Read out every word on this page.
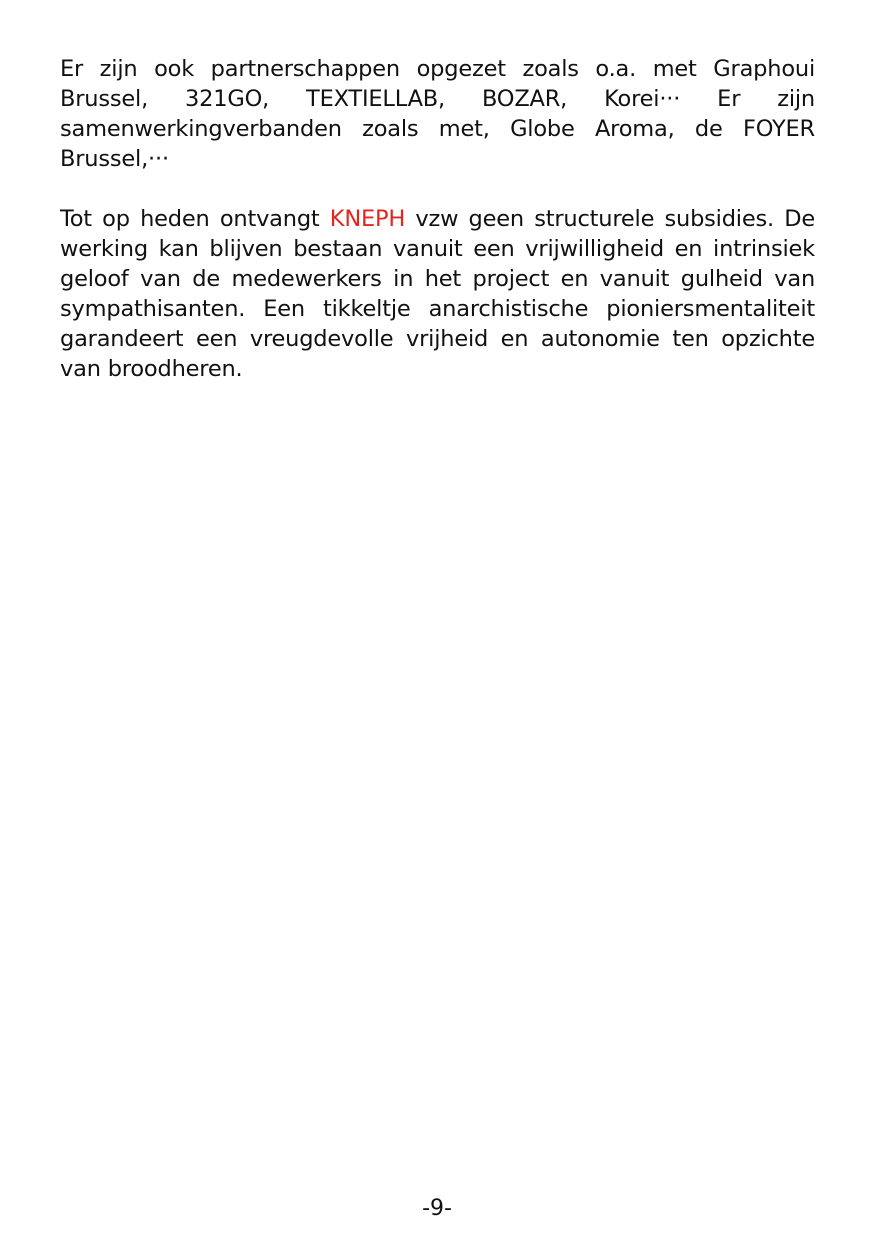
Er zijn ook partnerschappen opgezet zoals o.a. met Graphoui Brussel, 321GO, TEXTIELLAB, BOZAR, Korei··· Er zijn samenwerkingverbanden zoals met, Globe Aroma, de FOYER Brussel,···

Tot op heden ontvangt KNEPH vzw geen structurele subsidies. De werking kan blijven bestaan vanuit een vrijwilligheid en intrinsiek geloof van de medewerkers in het project en vanuit gulheid van sympathisanten. Een tikkeltje anarchistische pioniersmentaliteit garandeert een vreugdevolle vrijheid en autonomie ten opzichte van broodheren.

-9-
